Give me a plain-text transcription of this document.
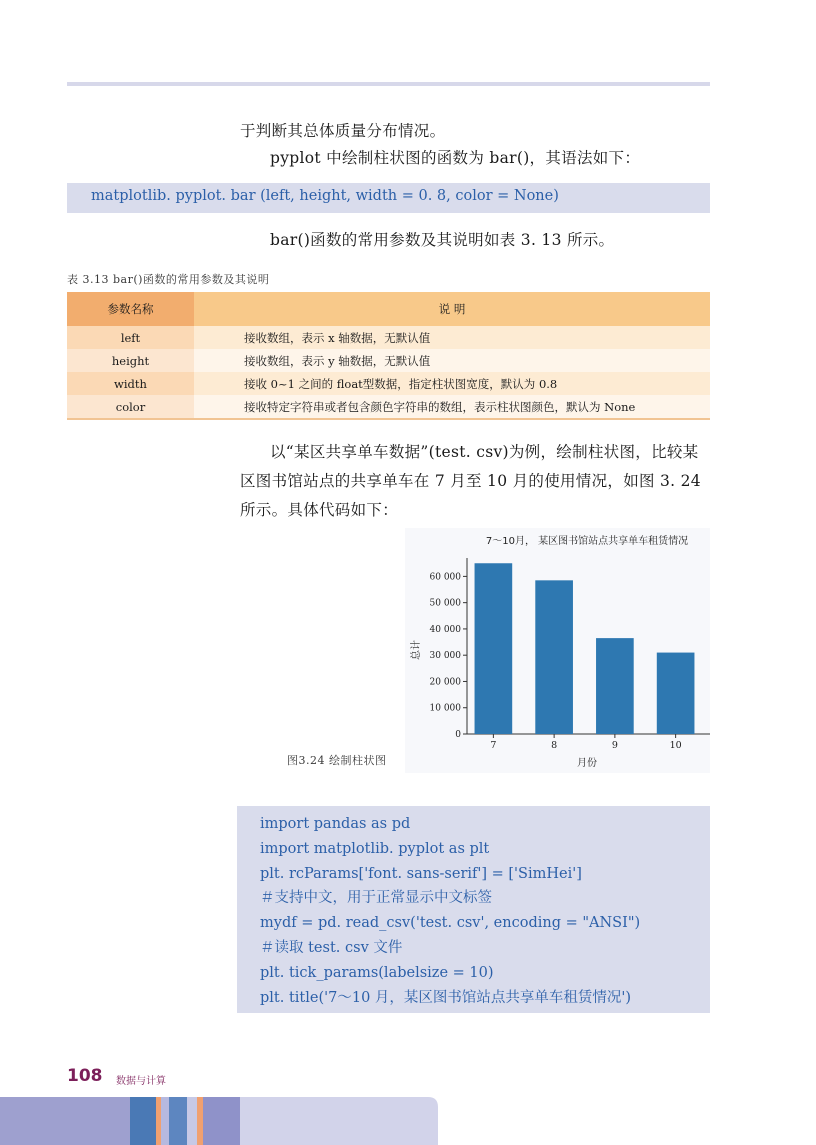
于判断其总体质量分布情况。
pyplot 中绘制柱状图的函数为 bar()，其语法如下：
matplotlib. pyplot. bar (left, height, width = 0. 8, color = None)
bar()函数的常用参数及其说明如表 3. 13 所示。
表 3.13 bar()函数的常用参数及其说明
参数名称	说 明
left	接收数组，表示 x 轴数据，无默认值
height	接收数组，表示 y 轴数据，无默认值
width	接收 0~1 之间的 float型数据，指定柱状图宽度，默认为 0.8
color	接收特定字符串或者包含颜色字符串的数组，表示柱状图颜色，默认为 None
以“某区共享单车数据”(test. csv)为例，绘制柱状图，比较某区图书馆站点的共享单车在 7 月至 10 月的使用情况，如图 3. 24 所示。具体代码如下：
7～10月， 某区图书馆站点共享单车租赁情况
总计
月份
0
10 000
20 000
30 000
40 000
50 000
60 000
7	8	9	10
图3.24 绘制柱状图
import pandas as pd
import matplotlib. pyplot as plt
plt. rcParams['font. sans-serif'] = ['SimHei']
＃支持中文，用于正常显示中文标签
mydf = pd. read_csv('test. csv', encoding = "ANSI")
＃读取 test. csv 文件
plt. tick_params(labelsize = 10)
plt. title('7～10 月，某区图书馆站点共享单车租赁情况')
108 数据与计算
